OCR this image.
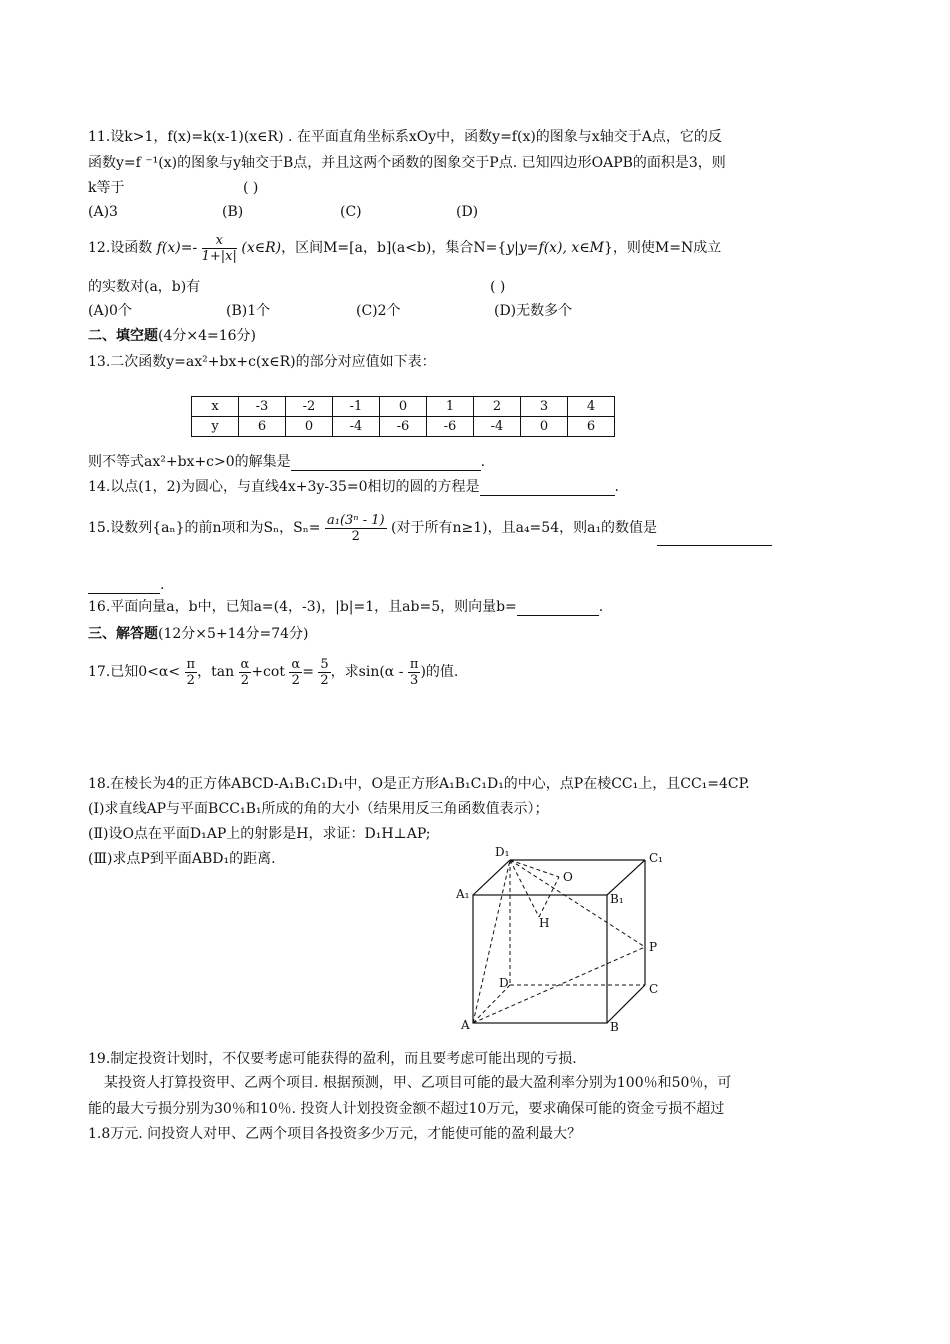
11.设k>1，f(x)=k(x-1)(x∈R) . 在平面直角坐标系xOy中，函数y=f(x)的图象与x轴交于A点，它的反
函数y=f ⁻¹(x)的图象与y轴交于B点，并且这两个函数的图象交于P点. 已知四边形OAPB的面积是3，则
k等于	( )
(A)3	(B)	(C)	(D)
12.设函数 $f(x)=- \frac{x}{1+|x|}$ (x∈R)，区间M=[a，b](a<b)，集合N={y|y=f(x), x∈M}，则使M=N成立
的实数对(a，b)有	( )
(A)0个	(B)1个	(C)2个	(D)无数多个
二、填空题(4分×4=16分)
13.二次函数y=ax²+bx+c(x∈R)的部分对应值如下表：
x	-3	-2	-1	0	1	2	3	4
y	6	0	-4	-6	-6	-4	0	6
则不等式ax²+bx+c>0的解集是	.
14.以点(1，2)为圆心，与直线4x+3y-35=0相切的圆的方程是	.
15.设数列{aₙ}的前n项和为Sₙ，$S_n= \frac{\text{a₁(3ⁿ - 1)}}{2}$ (对于所有n≥1)，且a₄=54，则a₁的数值是
.
16.平面向量a，b中，已知a=(4，-3)，|b|=1，且ab=5，则向量b=	.
三、解答题(12分×5+14分=74分)
17.已知$0<\alpha< \frac{\pi}{2}$ ，$\tan \frac{\alpha}{2} +\cot \frac{\alpha}{2} = \frac{5}{2}$ ，求$\sin(\alpha - \frac{\pi}{3}$ )的值.
18.在棱长为4的正方体ABCD-A₁B₁C₁D₁中，O是正方形A₁B₁C₁D₁的中心，点P在棱CC₁上，且CC₁=4CP.
(Ⅰ)求直线AP与平面BCC₁B₁所成的角的大小（结果用反三角函数值表示）；
(Ⅱ)设O点在平面D₁AP上的射影是H，求证：D₁H⊥AP;
(Ⅲ)求点P到平面ABD₁的距离.	D₁	C₁
A₁	B₁
O
H
P
D	C
A	B
19.制定投资计划时，不仅要考虑可能获得的盈利，而且要考虑可能出现的亏损.
某投资人打算投资甲、乙两个项目. 根据预测，甲、乙项目可能的最大盈利率分别为100％和50％，可
能的最大亏损分别为30％和10％. 投资人计划投资金额不超过10万元，要求确保可能的资金亏损不超过
1.8万元. 问投资人对甲、乙两个项目各投资多少万元，才能使可能的盈利最大？
